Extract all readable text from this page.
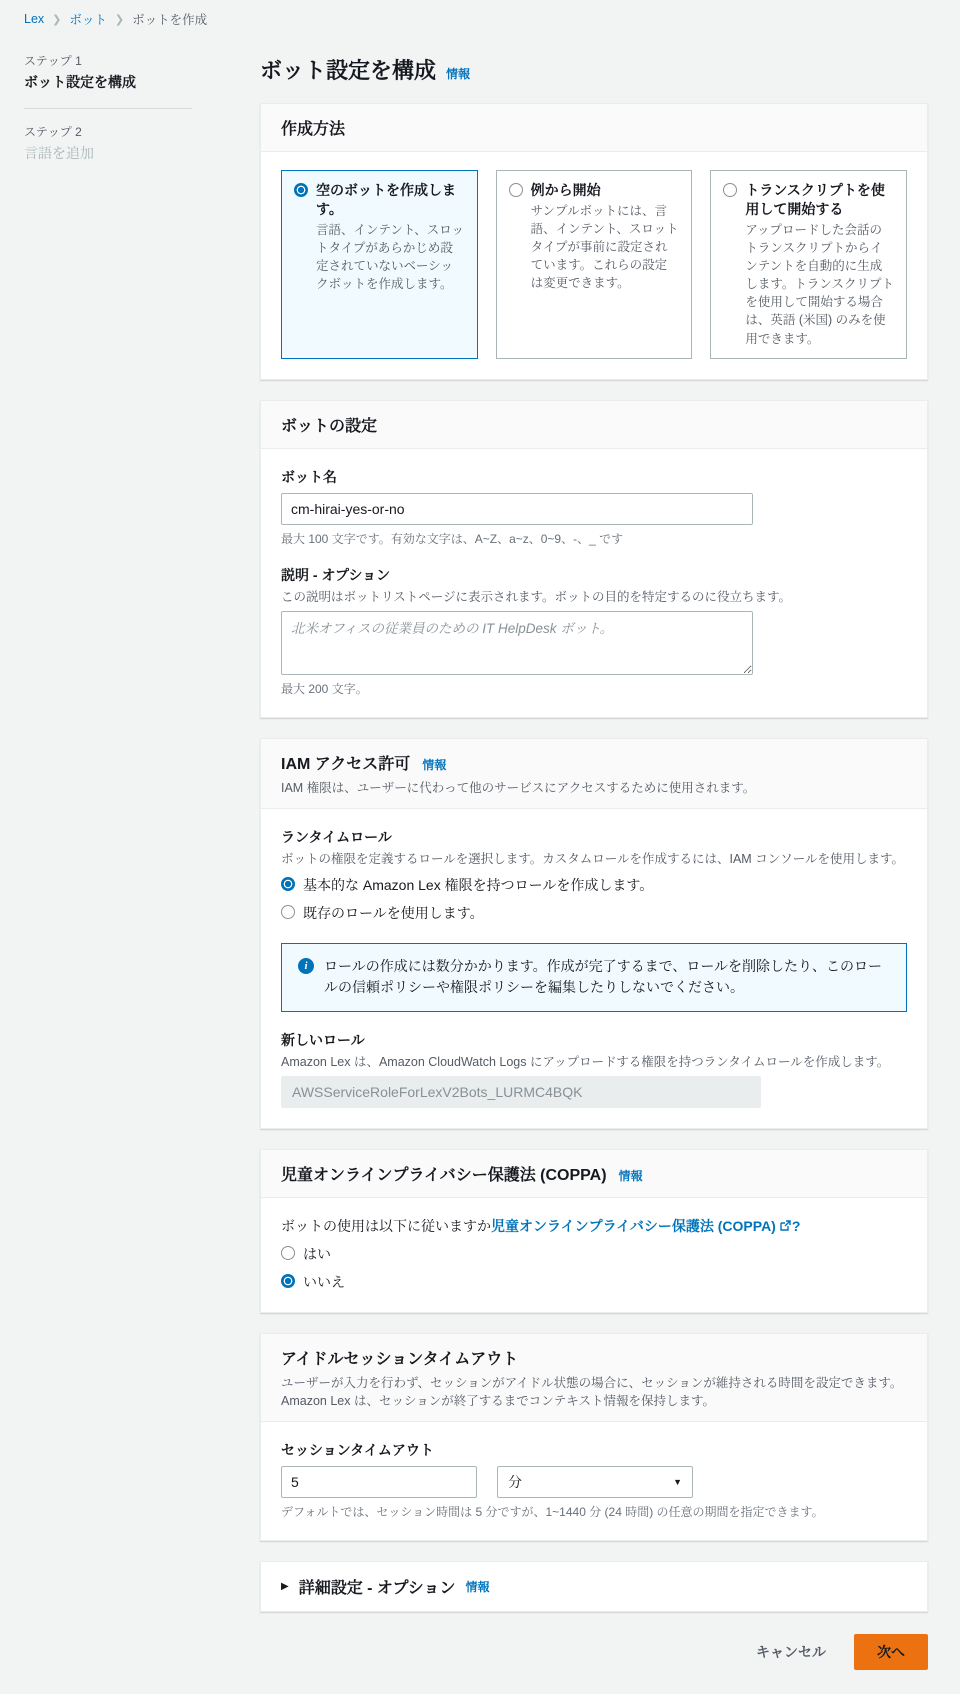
Lex ❯ ボット ❯ ボットを作成
ステップ 1
ボット設定を構成
ステップ 2
言語を追加
ボット設定を構成 情報
作成方法
空のボットを作成します。
言語、インテント、スロットタイプがあらかじめ設定されていないベーシックボットを作成します。
例から開始
サンプルボットには、言語、インテント、スロットタイプが事前に設定されています。これらの設定は変更できます。
トランスクリプトを使用して開始する
アップロードした会話のトランスクリプトからインテントを自動的に生成します。トランスクリプトを使用して開始する場合は、英語 (米国) のみを使用できます。
ボットの設定
ボット名
cm-hirai-yes-or-no
最大 100 文字です。有効な文字は、A~Z、a~z、0~9、-、_ です
説明 - オプション
この説明はボットリストページに表示されます。ボットの目的を特定するのに役立ちます。
北米オフィスの従業員のための IT HelpDesk ボット。
最大 200 文字。
IAM アクセス許可 情報
IAM 権限は、ユーザーに代わって他のサービスにアクセスするために使用されます。
ランタイムロール
ボットの権限を定義するロールを選択します。カスタムロールを作成するには、IAM コンソールを使用します。
基本的な Amazon Lex 権限を持つロールを作成します。
既存のロールを使用します。
i	ロールの作成には数分かかります。作成が完了するまで、ロールを削除したり、このロールの信頼ポリシーや権限ポリシーを編集したりしないでください。

新しいロール
Amazon Lex は、Amazon CloudWatch Logs にアップロードする権限を持つランタイムロールを作成します。
AWSServiceRoleForLexV2Bots_LURMC4BQK
児童オンラインプライバシー保護法 (COPPA) 情報
ボットの使用は以下に従いますか児童オンラインプライバシー保護法 (COPPA) ?
はい
いいえ
アイドルセッションタイムアウト
ユーザーが入力を行わず、セッションがアイドル状態の場合に、セッションが維持される時間を設定できます。Amazon Lex は、セッションが終了するまでコンテキスト情報を保持します。
セッションタイムアウト
5
分	▼
デフォルトでは、セッション時間は 5 分ですが、1~1440 分 (24 時間) の任意の期間を指定できます。
▶ 詳細設定 - オプション 情報
キャンセル	次へ
